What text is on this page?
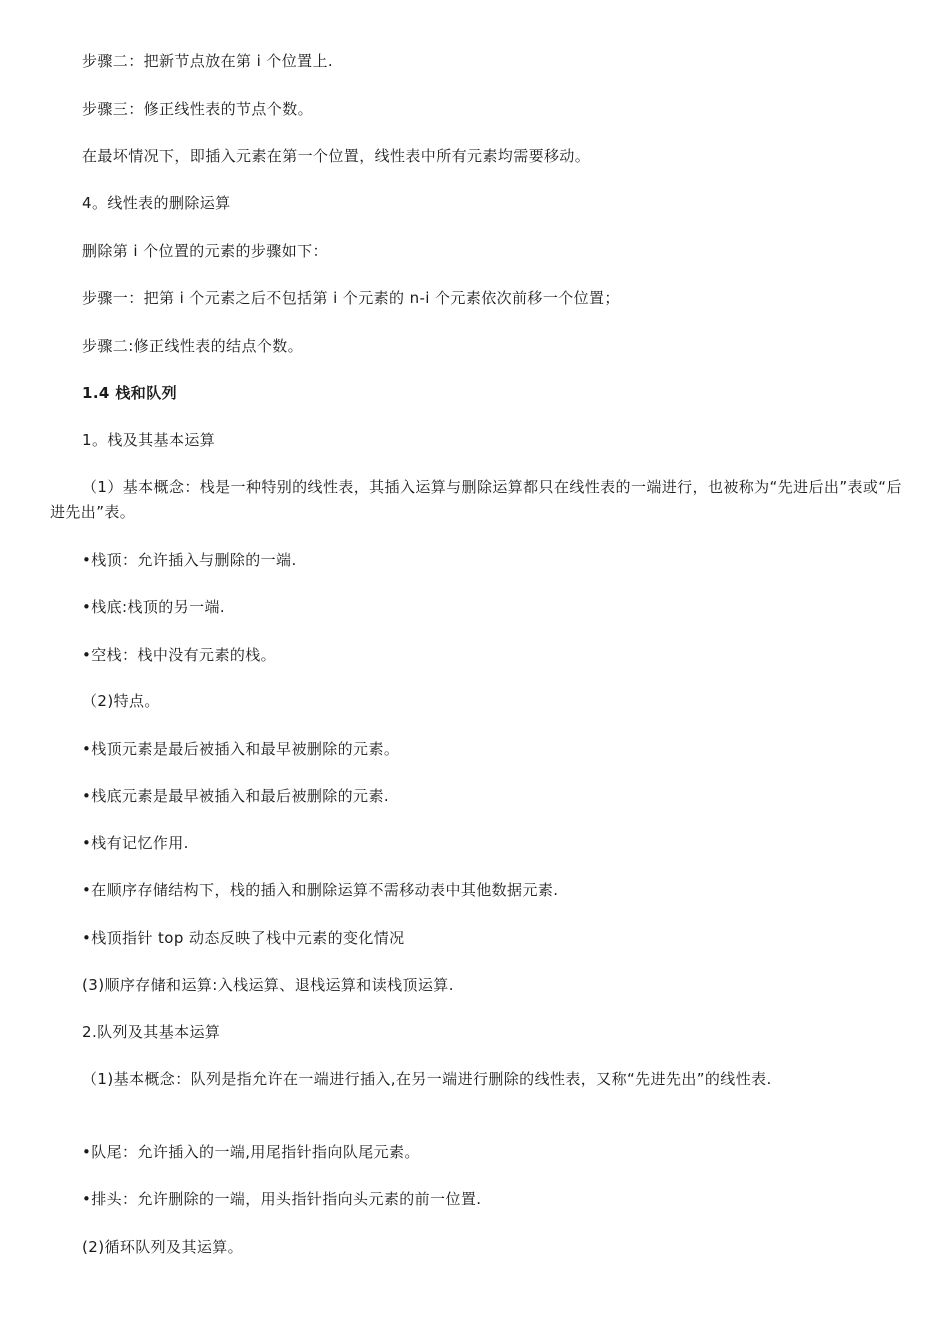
步骤二：把新节点放在第 i 个位置上.
步骤三：修正线性表的节点个数。
在最坏情况下，即插入元素在第一个位置，线性表中所有元素均需要移动。
4。线性表的删除运算
删除第 i 个位置的元素的步骤如下：
步骤一：把第 i 个元素之后不包括第 i 个元素的 n-i 个元素依次前移一个位置；
步骤二:修正线性表的结点个数。
1.4 栈和队列
1。栈及其基本运算
（1）基本概念：栈是一种特别的线性表，其插入运算与删除运算都只在线性表的一端进行，也被称为“先进后出”表或“后进先出”表。
•栈顶：允许插入与删除的一端.
•栈底:栈顶的另一端.
•空栈：栈中没有元素的栈。
（2)特点。
•栈顶元素是最后被插入和最早被删除的元素。
•栈底元素是最早被插入和最后被删除的元素.
•栈有记忆作用.
•在顺序存储结构下，栈的插入和删除运算不需移动表中其他数据元素.
•栈顶指针 top 动态反映了栈中元素的变化情况
(3)顺序存储和运算:入栈运算、退栈运算和读栈顶运算.
2.队列及其基本运算
（1)基本概念：队列是指允许在一端进行插入,在另一端进行删除的线性表，又称“先进先出”的线性表.
•队尾：允许插入的一端,用尾指针指向队尾元素。
•排头：允许删除的一端，用头指针指向头元素的前一位置.
(2)循环队列及其运算。
